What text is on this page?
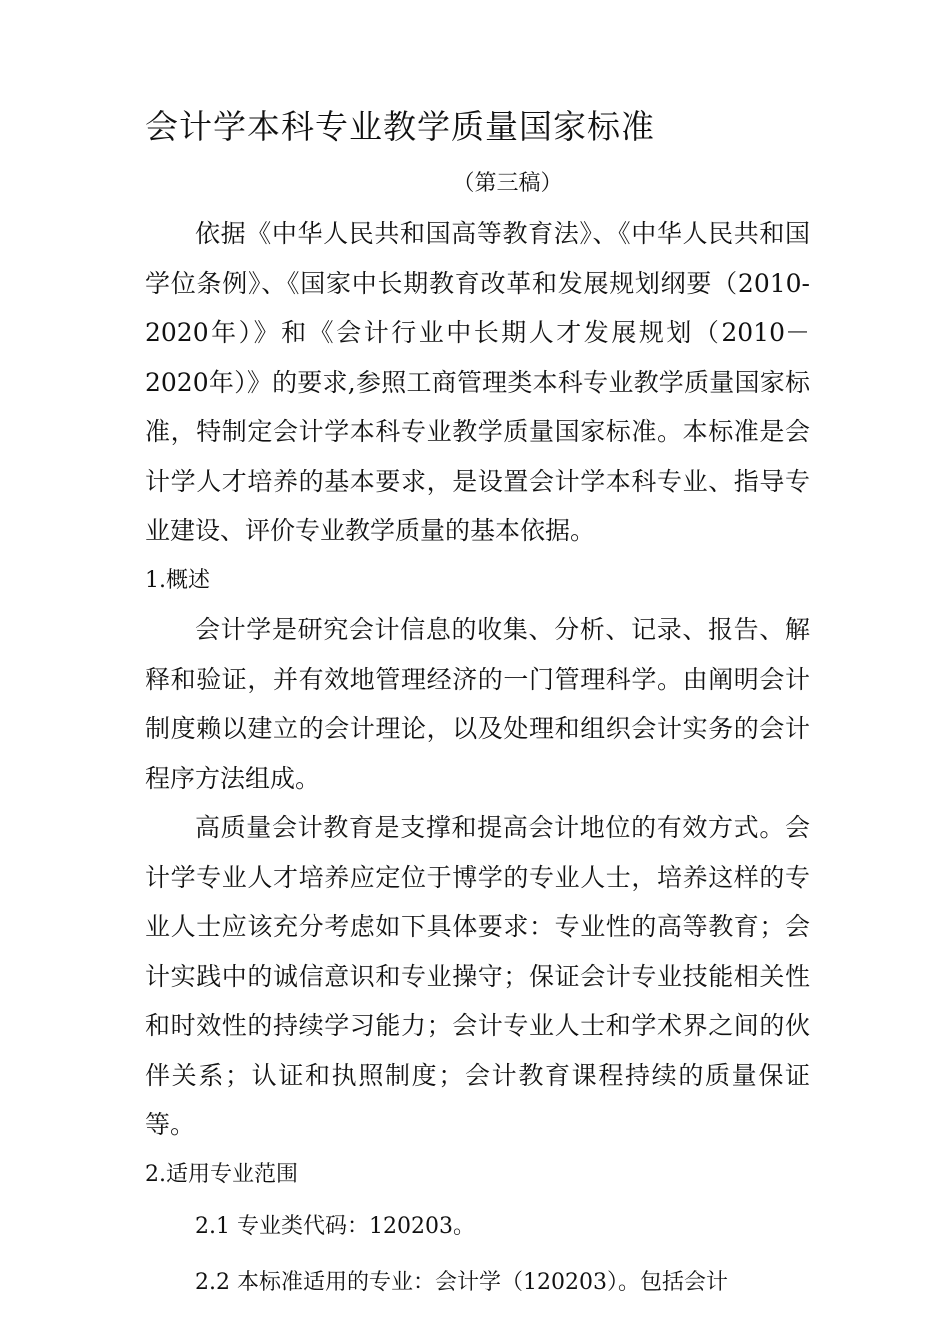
会计学本科专业教学质量国家标准

（第三稿）

依据《中华人民共和国高等教育法》、《中华人民共和国学位条例》、《国家中长期教育改革和发展规划纲要（2010-2020年）》和《会计行业中长期人才发展规划（2010－2020年）》的要求,参照工商管理类本科专业教学质量国家标准，特制定会计学本科专业教学质量国家标准。本标准是会计学人才培养的基本要求，是设置会计学本科专业、指导专业建设、评价专业教学质量的基本依据。

1.概述

会计学是研究会计信息的收集、分析、记录、报告、解释和验证，并有效地管理经济的一门管理科学。由阐明会计制度赖以建立的会计理论，以及处理和组织会计实务的会计程序方法组成。

高质量会计教育是支撑和提高会计地位的有效方式。会计学专业人才培养应定位于博学的专业人士，培养这样的专业人士应该充分考虑如下具体要求：专业性的高等教育；会计实践中的诚信意识和专业操守；保证会计专业技能相关性和时效性的持续学习能力；会计专业人士和学术界之间的伙伴关系；认证和执照制度；会计教育课程持续的质量保证等。

2.适用专业范围

2.1 专业类代码：120203。

2.2 本标准适用的专业：会计学（120203）。包括会计
